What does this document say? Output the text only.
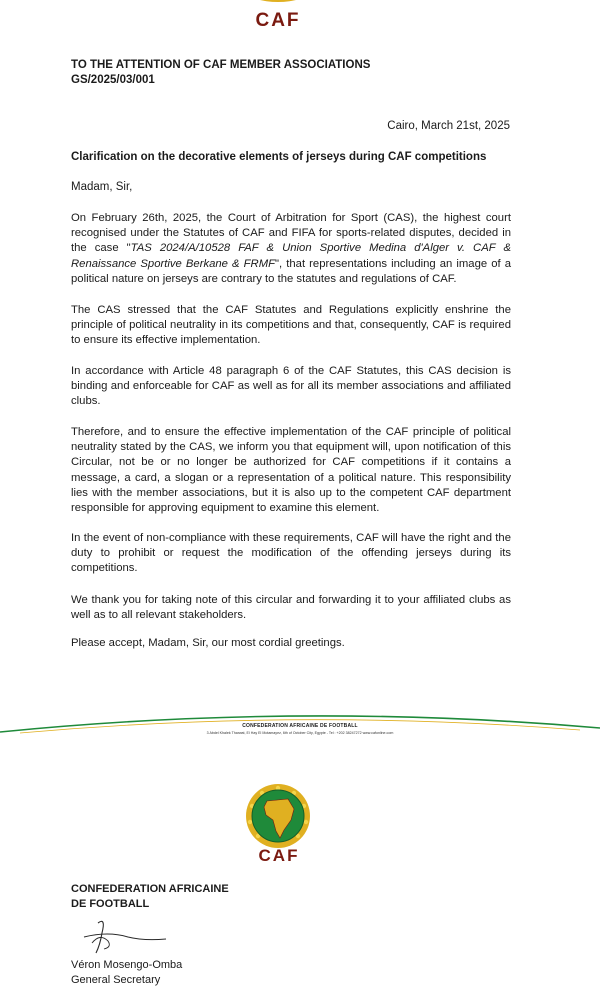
CAF
TO THE ATTENTION OF CAF MEMBER ASSOCIATIONS
GS/2025/03/001
Cairo, March 21st, 2025
Clarification on the decorative elements of jerseys during CAF competitions
Madam, Sir,

On February 26th, 2025, the Court of Arbitration for Sport (CAS), the highest court recognised under the Statutes of CAF and FIFA for sports-related disputes, decided in the case "TAS 2024/A/10528 FAF & Union Sportive Medina d'Alger v. CAF & Renaissance Sportive Berkane & FRMF", that representations including an image of a political nature on jerseys are contrary to the statutes and regulations of CAF.

The CAS stressed that the CAF Statutes and Regulations explicitly enshrine the principle of political neutrality in its competitions and that, consequently, CAF is required to ensure its effective implementation.

In accordance with Article 48 paragraph 6 of the CAF Statutes, this CAS decision is binding and enforceable for CAF as well as for all its member associations and affiliated clubs.

Therefore, and to ensure the effective implementation of the CAF principle of political neutrality stated by the CAS, we inform you that equipment will, upon notification of this Circular, not be or no longer be authorized for CAF competitions if it contains a message, a card, a slogan or a representation of a political nature. This responsibility lies with the member associations, but it is also up to the competent CAF department responsible for approving equipment to examine this element.

In the event of non-compliance with these requirements, CAF will have the right and the duty to prohibit or request the modification of the offending jerseys during its competitions.

We thank you for taking note of this circular and forwarding it to your affiliated clubs as well as to all relevant stakeholders.

Please accept, Madam, Sir, our most cordial greetings.
CONFEDERATION AFRICAINE DE FOOTBALL
3 Abdel Khalek Tharwat, El Hay El Motamayez, 6th of October City, Egypte - Tel : +202 38247272 www.cafonline.com
CAF
CONFEDERATION AFRICAINE
DE FOOTBALL
Véron Mosengo-Omba
General Secretary
